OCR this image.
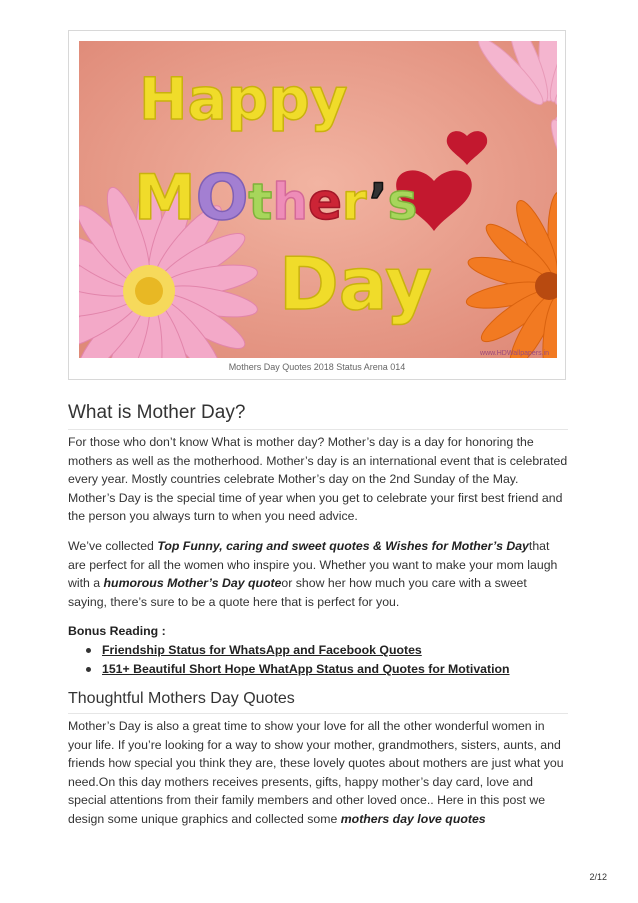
Happy
MOther’s
Day
www.HDWallpapers.in
Mothers Day Quotes 2018 Status Arena 014
What is Mother Day?

For those who don’t know What is mother day? Mother’s day is a day for honoring the mothers as well as the motherhood. Mother’s day is an international event that is celebrated every year. Mostly countries celebrate Mother’s day on the 2nd Sunday of the May. Mother’s Day is the special time of year when you get to celebrate your first best friend and the person you always turn to when you need advice.

We’ve collected Top Funny, caring and sweet quotes & Wishes for Mother’s Daythat are perfect for all the women who inspire you. Whether you want to make your mom laugh with a humorous Mother’s Day quoteor show her how much you care with a sweet saying, there’s sure to be a quote here that is perfect for you.

Bonus Reading :
Friendship Status for WhatsApp and Facebook Quotes
151+ Beautiful Short Hope WhatApp Status and Quotes for Motivation
Thoughtful Mothers Day Quotes

Mother’s Day is also a great time to show your love for all the other wonderful women in your life. If you’re looking for a way to show your mother, grandmothers, sisters, aunts, and friends how special you think they are, these lovely quotes about mothers are just what you need.On this day mothers receives presents, gifts, happy mother’s day card, love and special attentions from their family members and other loved once.. Here in this post we design some unique graphics and collected some mothers day love quotes

2/12
